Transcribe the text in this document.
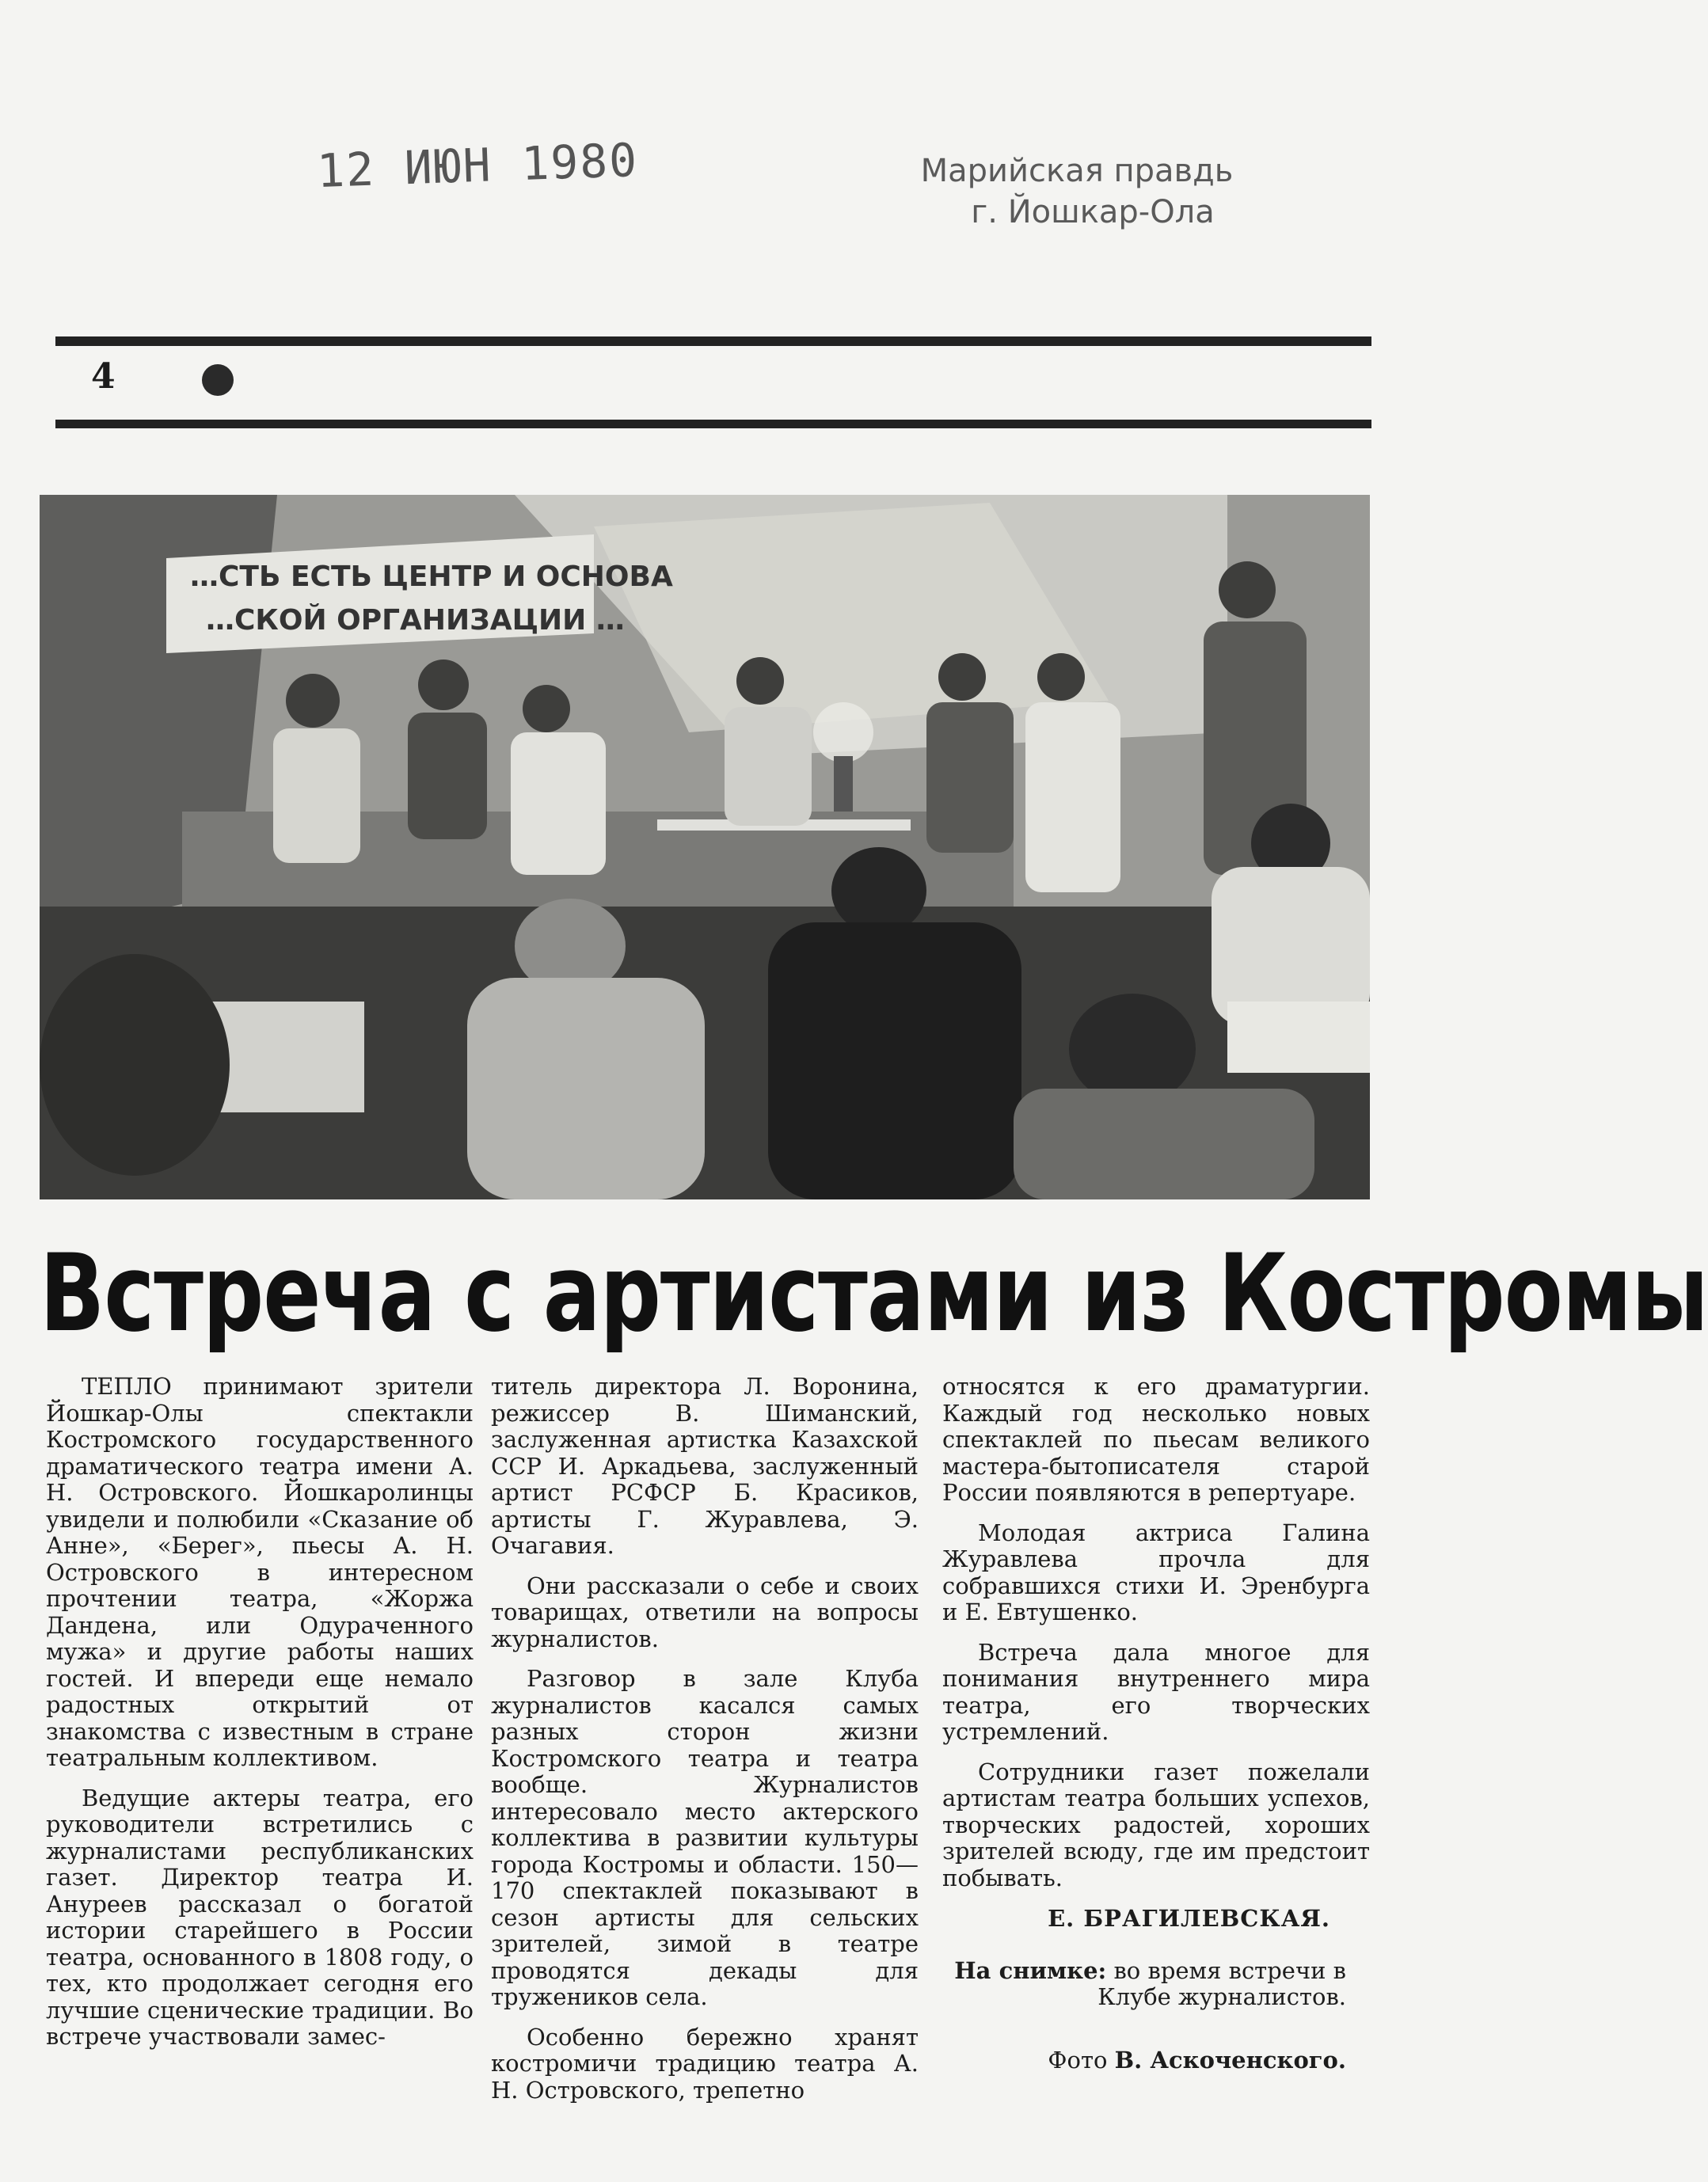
12 ИЮН 1980	Марийская правдь
г. Йошкар-Ола
4
…СТЬ ЕСТЬ ЦЕНТР И ОСНОВА
…СКОЙ ОРГАНИЗАЦИИ …
Встреча с артистами из Костромы

ТЕПЛО принимают зрители Йошкар-Олы спектакли Костромского государственного драматического театра имени А. Н. Островского. Йошкаролинцы увидели и полюбили «Сказание об Анне», «Берег», пьесы А. Н. Островского в интересном прочтении театра, «Жоржа Дандена, или Одураченного мужа» и другие работы наших гостей. И впереди еще немало радостных открытий от знакомства с известным в стране театральным коллективом.

Ведущие актеры театра, его руководители встретились с журналистами республиканских газет. Директор театра И. Ануреев рассказал о богатой истории старейшего в России театра, основанного в 1808 году, о тех, кто продолжает сегодня его лучшие сценические традиции. Во встрече участвовали замес-

титель директора Л. Воронина, режиссер В. Шиманский, заслуженная артистка Казахской ССР И. Аркадьева, заслуженный артист РСФСР Б. Красиков, артисты Г. Журавлева, Э. Очагавия.

Они рассказали о себе и своих товарищах, ответили на вопросы журналистов.

Разговор в зале Клуба журналистов касался самых разных сторон жизни Костромского театра и театра вообще. Журналистов интересовало место актерского коллектива в развитии культуры города Костромы и области. 150—170 спектаклей показывают в сезон артисты для сельских зрителей, зимой в театре проводятся декады для тружеников села.

Особенно бережно хранят костромичи традицию театра А. Н. Островского, трепетно

относятся к его драматургии. Каждый год несколько новых спектаклей по пьесам великого мастера-бытописателя старой России появляются в репертуаре.

Молодая актриса Галина Журавлева прочла для собравшихся стихи И. Эренбурга и Е. Евтушенко.

Встреча дала многое для понимания внутреннего мира театра, его творческих устремлений.

Сотрудники газет пожелали артистам театра больших успехов, творческих радостей, хороших зрителей всюду, где им предстоит побывать.

Е. БРАГИЛЕВСКАЯ.
На снимке: во время встречи в Клубе журналистов.
Фото В. Аскоченского.
